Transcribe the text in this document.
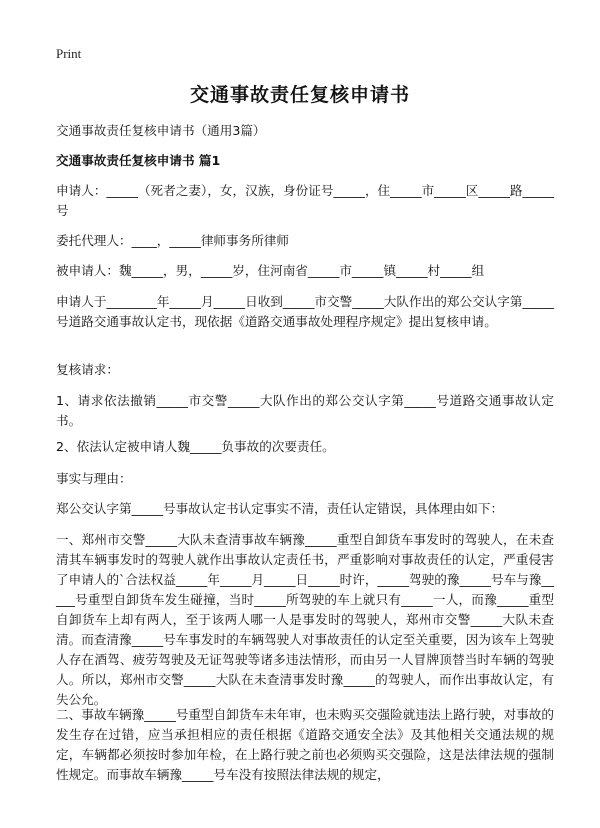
Print
交通事故责任复核申请书
交通事故责任复核申请书（通用3篇）
交通事故责任复核申请书 篇1
申请人：_____（死者之妻），女，汉族，身份证号_____，住_____市_____区_____路_____号
委托代理人：____，_____律师事务所律师
被申请人：魏_____，男，_____岁，住河南省_____市_____镇_____村_____组
申请人于________年_____月_____日收到_____市交警_____大队作出的郑公交认字第_____号道路交通事故认定书，现依据《道路交通事故处理程序规定》提出复核申请。
复核请求：
1、请求依法撤销_____市交警_____大队作出的郑公交认字第_____号道路交通事故认定书。
2、依法认定被申请人魏_____负事故的次要责任。
事实与理由：
郑公交认字第_____号事故认定书认定事实不清，责任认定错误，具体理由如下：
一、郑州市交警_____大队未查清事故车辆豫_____重型自卸货车事发时的驾驶人，在未查清其车辆事发时的驾驶人就作出事故认定责任书，严重影响对事故责任的认定，严重侵害了申请人的`合法权益_____年_____月_____日_____时许，_____驾驶的豫_____号车与豫_____号重型自卸货车发生碰撞，当时_____所驾驶的车上就只有_____一人，而豫_____重型自卸货车上却有两人，至于该两人哪一人是事发时的驾驶人，郑州市交警_____大队未查清。而查清豫_____号车事发时的车辆驾驶人对事故责任的认定至关重要，因为该车上驾驶人存在酒驾、疲劳驾驶及无证驾驶等诸多违法情形，而由另一人冒牌顶替当时车辆的驾驶人。所以，郑州市交警_____大队在未查清事发时豫_____的驾驶人，而作出事故认定，有失公允。
二、事故车辆豫_____号重型自卸货车未年审，也未购买交强险就违法上路行驶，对事故的发生存在过错，应当承担相应的责任根据《道路交通安全法》及其他相关交通法规的规定，车辆都必须按时参加年检，在上路行驶之前也必须购买交强险，这是法律法规的强制性规定。而事故车辆豫_____号车没有按照法律法规的规定，
